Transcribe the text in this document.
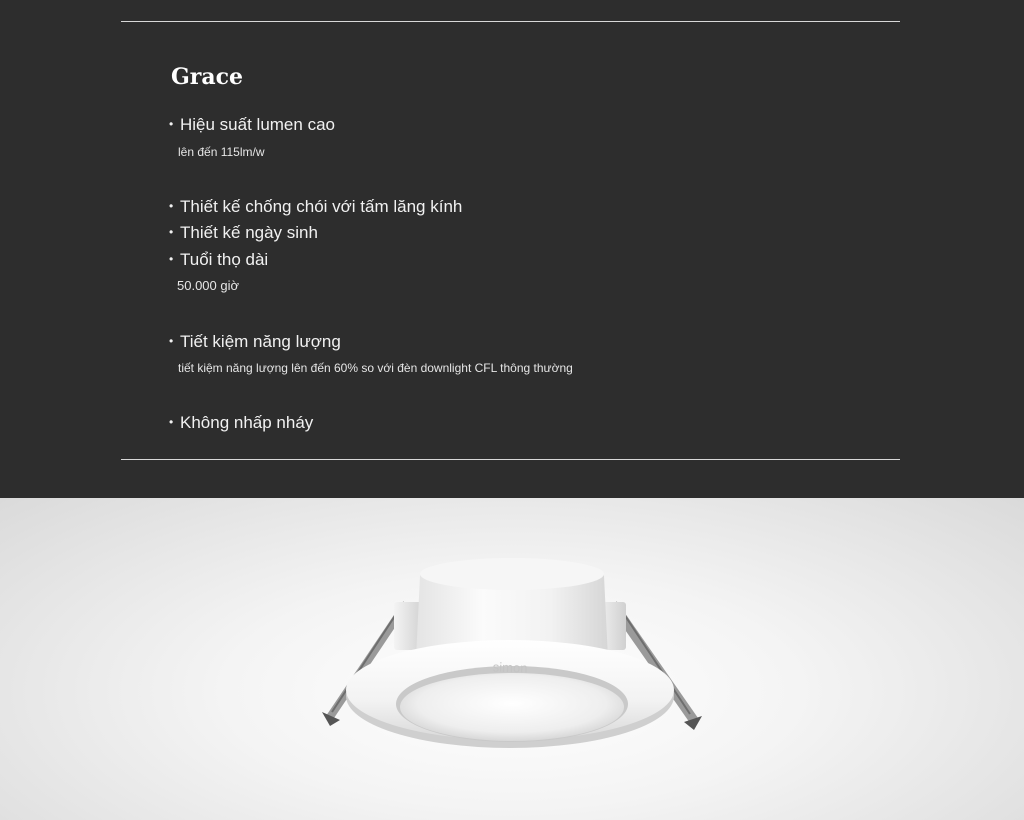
Grace
• Hiệu suất lumen cao
lên đến 115lm/w
• Thiết kế chống chói với tấm lăng kính
• Thiết kế ngày sinh
• Tuổi thọ dài
50.000 giờ
• Tiết kiệm năng lượng
tiết kiệm năng lượng lên đến 60% so với đèn downlight CFL thông thường
• Không nhấp nháy
simon
